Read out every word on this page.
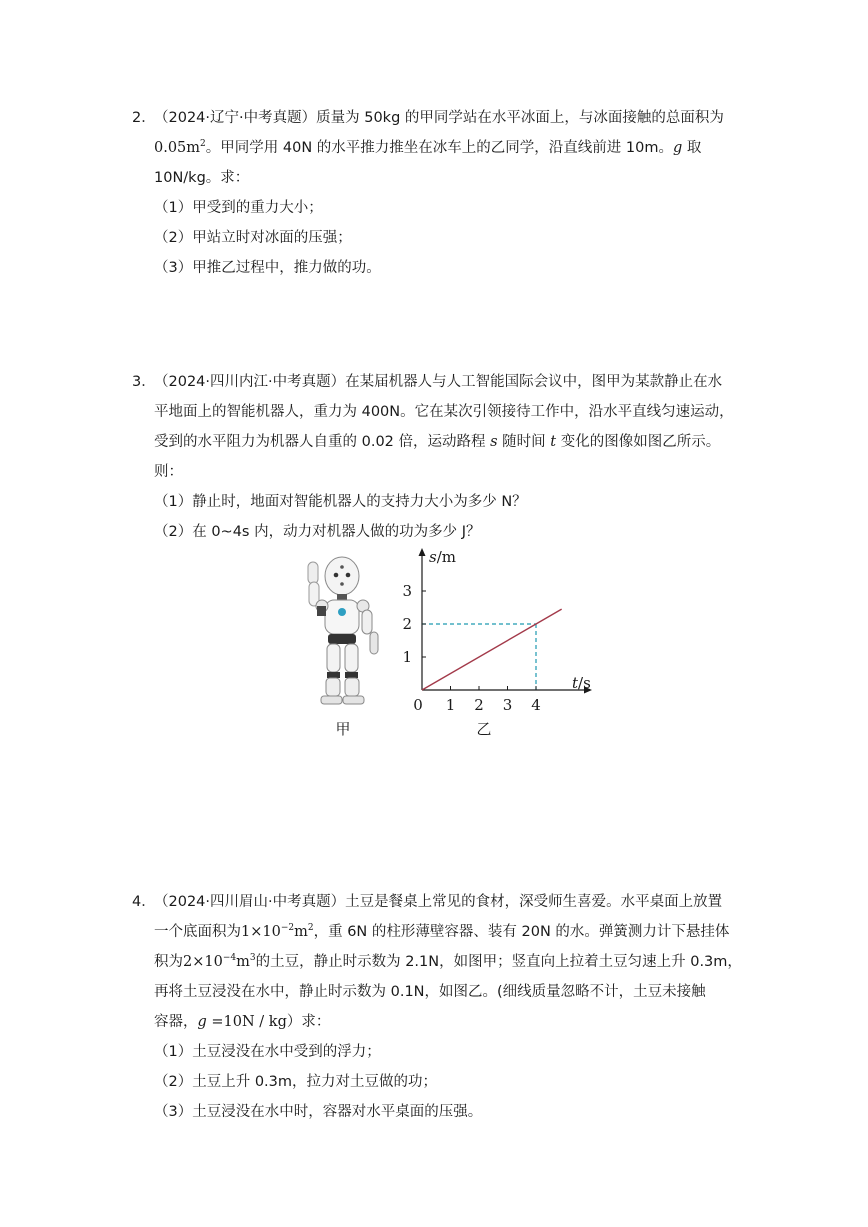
2．
（2024·辽宁·中考真题）质量为 50kg 的甲同学站在水平冰面上，与冰面接触的总面积为
$0.05m^2$。甲同学用 40N 的水平推力推坐在冰车上的乙同学，沿直线前进 10m。g 取
10N/kg。求：
（1）甲受到的重力大小；
（2）甲站立时对冰面的压强；
（3）甲推乙过程中，推力做的功。
3．
（2024·四川内江·中考真题）在某届机器人与人工智能国际会议中，图甲为某款静止在水
平地面上的智能机器人，重力为 400N。它在某次引领接待工作中，沿水平直线匀速运动，
受到的水平阻力为机器人自重的 0.02 倍，运动路程 s 随时间 t 变化的图像如图乙所示。
则：
（1）静止时，地面对智能机器人的支持力大小为多少 N？
（2）在 0~4s 内，动力对机器人做的功为多少 J？
甲
0 1 2 3 4
1
2
3
s/m
t/s
乙
4．
（2024·四川眉山·中考真题）土豆是餐桌上常见的食材，深受师生喜爱。水平桌面上放置
一个底面积为$1\times 10^{-2}m^2$，重 6N 的柱形薄壁容器、装有 20N 的水。弹簧测力计下悬挂体
积为$2\times 10^{-4}m^3$的土豆，静止时示数为 2.1N，如图甲；竖直向上拉着土豆匀速上升 0.3m，
再将土豆浸没在水中，静止时示数为 0.1N，如图乙。(细线质量忽略不计，土豆未接触
容器，g =10N / kg）求：
（1）土豆浸没在水中受到的浮力；
（2）土豆上升 0.3m，拉力对土豆做的功；
（3）土豆浸没在水中时，容器对水平桌面的压强。
